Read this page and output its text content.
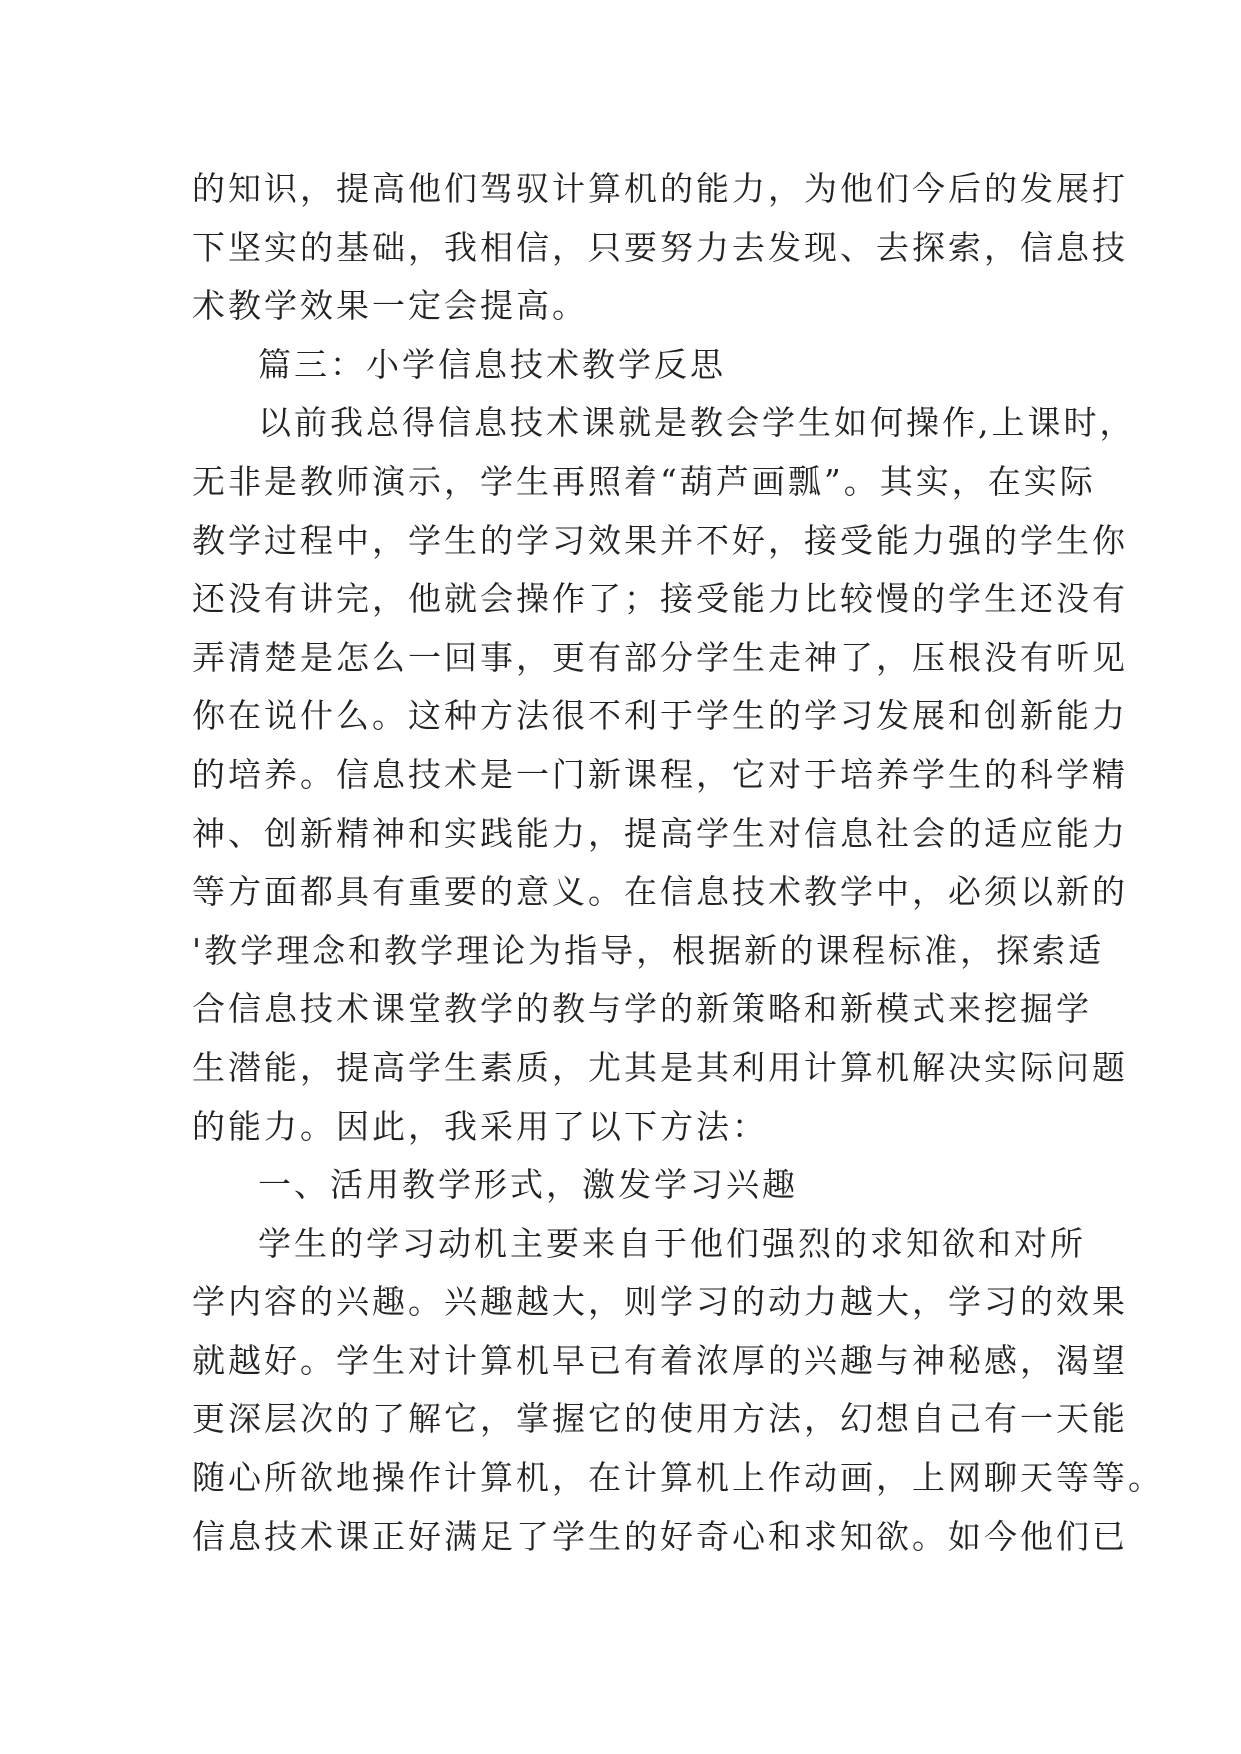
的知识，提高他们驾驭计算机的能力，为他们今后的发展打
下坚实的基础，我相信，只要努力去发现、去探索，信息技
术教学效果一定会提高。
篇三：小学信息技术教学反思
以前我总得信息技术课就是教会学生如何操作,上课时，
无非是教师演示，学生再照着“葫芦画瓢”。其实，在实际
教学过程中，学生的学习效果并不好，接受能力强的学生你
还没有讲完，他就会操作了；接受能力比较慢的学生还没有
弄清楚是怎么一回事，更有部分学生走神了，压根没有听见
你在说什么。这种方法很不利于学生的学习发展和创新能力
的培养。信息技术是一门新课程，它对于培养学生的科学精
神、创新精神和实践能力，提高学生对信息社会的适应能力
等方面都具有重要的意义。在信息技术教学中，必须以新的
'教学理念和教学理论为指导，根据新的课程标准，探索适
合信息技术课堂教学的教与学的新策略和新模式来挖掘学
生潜能，提高学生素质，尤其是其利用计算机解决实际问题
的能力。因此，我采用了以下方法：
一、活用教学形式，激发学习兴趣
学生的学习动机主要来自于他们强烈的求知欲和对所
学内容的兴趣。兴趣越大，则学习的动力越大，学习的效果
就越好。学生对计算机早已有着浓厚的兴趣与神秘感，渴望
更深层次的了解它，掌握它的使用方法，幻想自己有一天能
随心所欲地操作计算机，在计算机上作动画，上网聊天等等。
信息技术课正好满足了学生的好奇心和求知欲。如今他们已
